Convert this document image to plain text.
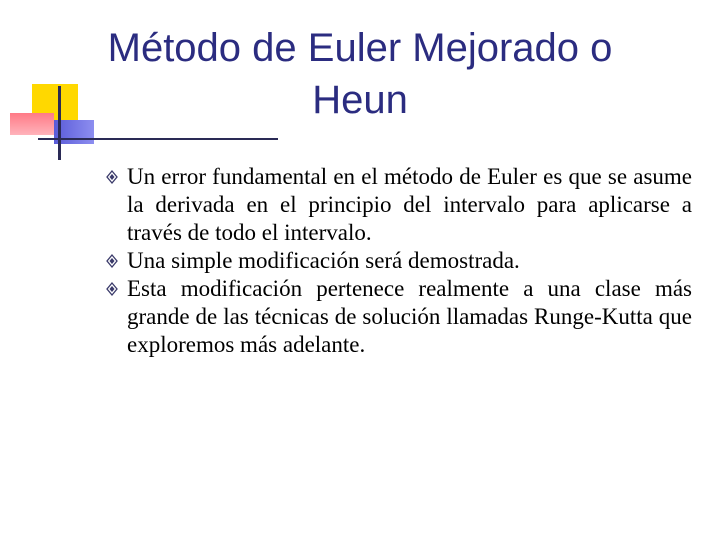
Método de Euler Mejorado o Heun
Un error fundamental en el método de Euler es que se asume la derivada en el principio del intervalo para aplicarse a través de todo el intervalo.
Una simple modificación será demostrada.
Esta modificación pertenece realmente a una clase más grande de las técnicas de solución llamadas Runge-Kutta que exploremos más adelante.
